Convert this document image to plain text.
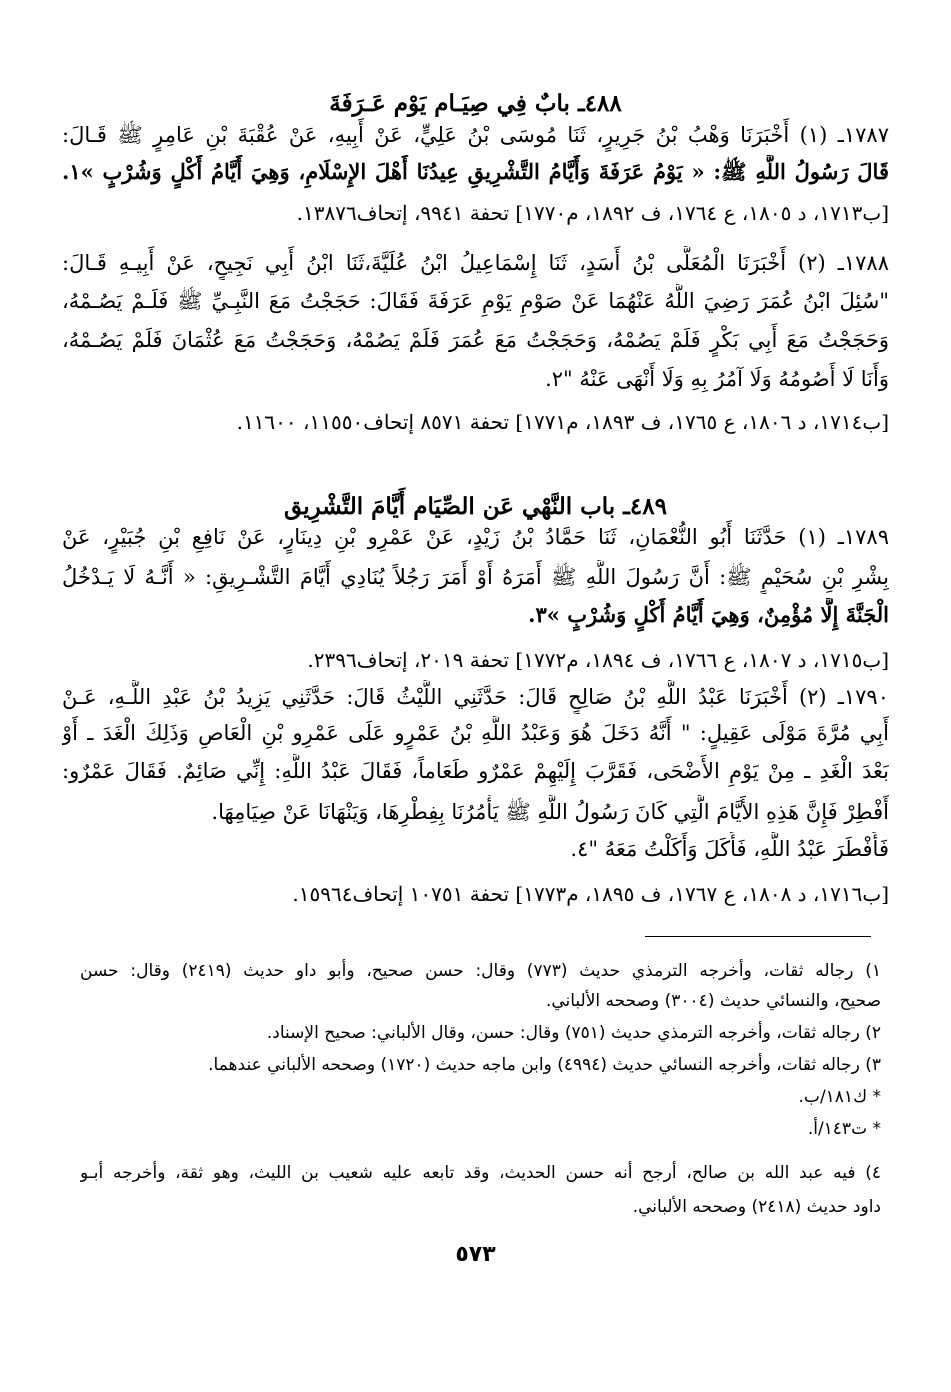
٤٨٨ـ بابٌ فِي صِيَـام يَوْم عَـرَفَةَ
١٧٨٧ـ (١) أَخْبَرَنَا وَهْبُ بْنُ جَرِيرٍ، ثَنَا مُوسَى بْنُ عَلِيٍّ، عَنْ أَبِيهِ، عَنْ عُقْبَةَ بْنِ عَامِرٍ ﷺ قَـالَ:
قَالَ رَسُولُ اللَّهِ ﷺ: « يَوْمُ عَرَفَةَ وَأَيَّامُ التَّشْرِيقِ عِيدُنَا أَهْلَ الإِسْلَامِ، وَهِيَ أَيَّامُ أَكْلٍ وَشُرْبٍ »١.
[ب١٧١٣، د ١٨٠٥، ع ١٧٦٤، ف ١٨٩٢، م١٧٧٠] تحفة ٩٩٤١، إتحاف١٣٨٧٦.
١٧٨٨ـ (٢) أَخْبَرَنَا الْمُعَلَّى بْنُ أَسَدٍ، ثَنَا إِسْمَاعِيلُ ابْنُ عُلَيَّةَ،ثَنَا ابْنُ أَبِي نَجِيحٍ، عَنْ أَبِيـهِ قَـالَ:
"سُئِلَ ابْنُ عُمَرَ رَضِيَ اللَّهُ عَنْهُمَا عَنْ صَوْمِ يَوْمِ عَرَفَةَ فَقَالَ: حَجَجْتُ مَعَ النَّبِـيِّ ﷺ فَلَـمْ يَصُـمْهُ،
وَحَجَجْتُ مَعَ أَبِي بَكْرٍ فَلَمْ يَصُمْهُ، وَحَجَجْتُ مَعَ عُمَرَ فَلَمْ يَصُمْهُ، وَحَجَجْتُ مَعَ عُثْمَانَ فَلَمْ يَصُـمْهُ،
وَأَنَا لَا أَصُومُهُ وَلَا آمُرُ بِهِ وَلَا أَنْهَى عَنْهُ "٢.
[ب١٧١٤، د ١٨٠٦، ع ١٧٦٥، ف ١٨٩٣، م١٧٧١] تحفة ٨٥٧١ إتحاف١١٥٥٠، ١١٦٠٠.
٤٨٩ـ باب النَّهْي عَن الصِّيَام أَيَّامَ التَّشْرِيق
١٧٨٩ـ (١) حَدَّثَنَا أَبُو النُّعْمَانِ، ثَنَا حَمَّادُ بْنُ زَيْدٍ، عَنْ عَمْرِو بْنِ دِينَارٍ، عَنْ نَافِعِ بْنِ جُبَيْرٍ، عَنْ
بِشْرِ بْنِ سُحَيْمٍ ﷺ: أَنَّ رَسُولَ اللَّهِ ﷺ أَمَرَهُ أَوْ أَمَرَ رَجُلاً يُنَادِي أَيَّامَ التَّشْـرِيقِ: « أَنَّـهُ لَا يَـدْخُلُ
الْجَنَّةَ إِلَّا مُؤْمِنٌ، وَهِيَ أَيَّامُ أَكْلٍ وَشُرْبٍ »٣.
[ب١٧١٥، د ١٨٠٧، ع ١٧٦٦، ف ١٨٩٤، م١٧٧٢] تحفة ٢٠١٩، إتحاف٢٣٩٦.
١٧٩٠ـ (٢) أَخْبَرَنَا عَبْدُ اللَّهِ بْنُ صَالِحٍ قَالَ: حَدَّثَنِي اللَّيْثُ قَالَ: حَدَّثَنِي يَزِيدُ بْنُ عَبْدِ اللَّـهِ، عَـنْ
أَبِي مُرَّةَ مَوْلَى عَقِيلٍ: " أَنَّهُ دَخَلَ هُوَ وَعَبْدُ اللَّهِ بْنُ عَمْرٍو عَلَى عَمْرِو بْنِ الْعَاصِ وَذَلِكَ الْغَدَ ـ أَوْ
بَعْدَ الْغَدِ ـ مِنْ يَوْمِ الأَضْحَى، فَقَرَّبَ إِلَيْهِمْ عَمْرٌو طَعَاماً، فَقَالَ عَبْدُ اللَّهِ: إِنِّي صَائِمٌ. فَقَالَ عَمْرٌو:
أَفْطِرْ فَإِنَّ هَذِهِ الأَيَّامَ الَّتِي كَانَ رَسُولُ اللَّهِ ﷺ يَأْمُرُنَا بِفِطْرِهَا، وَيَنْهَانَا عَنْ صِيَامِهَا.
فَأَفْطَرَ عَبْدُ اللَّهِ، فَأَكَلَ وَأَكَلْتُ مَعَهُ "٤.
[ب١٧١٦، د ١٨٠٨، ع ١٧٦٧، ف ١٨٩٥، م١٧٧٣] تحفة ١٠٧٥١ إتحاف١٥٩٦٤.
١) رجاله ثقات، وأخرجه الترمذي حديث (٧٧٣) وقال: حسن صحيح، وأبو داو حديث (٢٤١٩) وقال: حسن
صحيح، والنسائي حديث (٣٠٠٤) وصححه الألباني.
٢) رجاله ثقات، وأخرجه الترمذي حديث (٧٥١) وقال: حسن، وقال الألباني: صحيح الإسناد.
٣) رجاله ثقات، وأخرجه النسائي حديث (٤٩٩٤) وابن ماجه حديث (١٧٢٠) وصححه الألباني عندهما.
* ك١٨١/ب.
* ت١٤٣/أ.
٤) فيه عبد الله بن صالح، أرجح أنه حسن الحديث، وقد تابعه عليه شعيب بن الليث، وهو ثقة، وأخرجه أبـو
داود حديث (٢٤١٨) وصححه الألباني.
٥٧٣
